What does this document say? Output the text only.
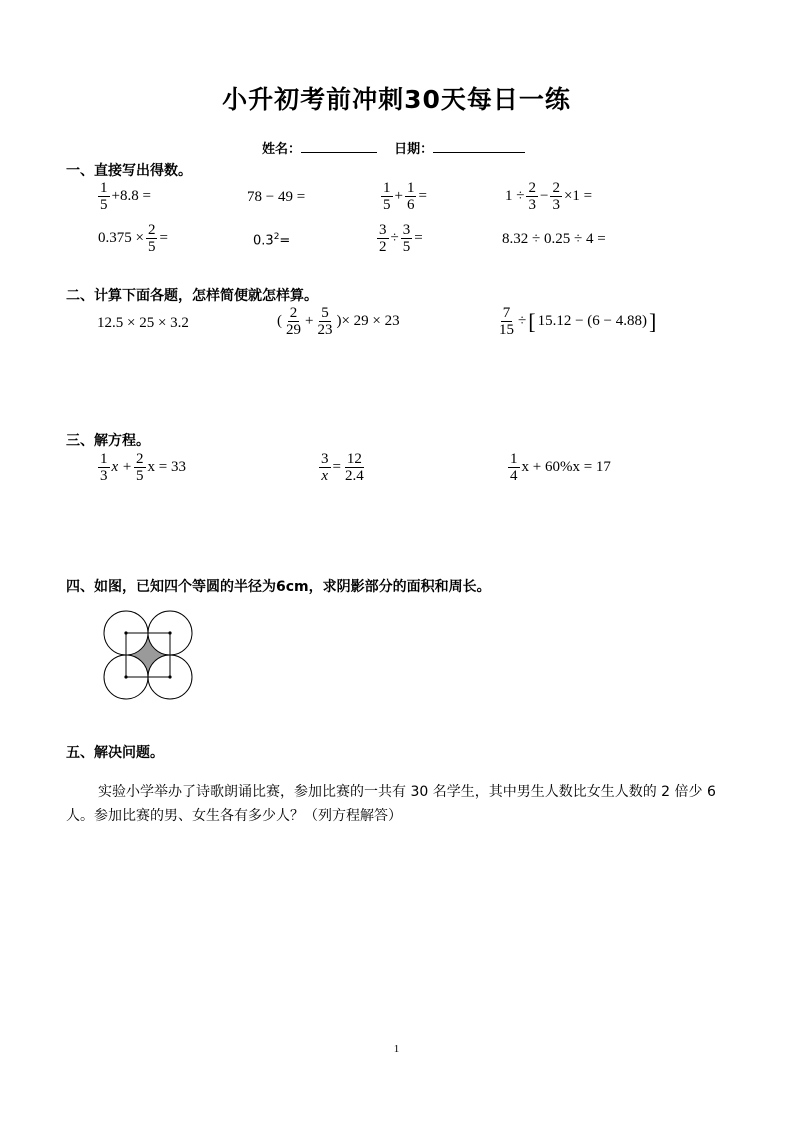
小升初考前冲刺30天每日一练
姓名：	日期：
一、直接写出得数。
$\frac{1}{5} +8.8$ =	78 − 49 =	$\frac{1}{5} + \frac{1}{6}$ =	$1 \div \frac{2}{3} - \frac{2}{3} \times 1$ =
$0.375 \times \frac{2}{5}$ =	$0.3^2=$	$\frac{3}{2} \div \frac{3}{5}$ =	8.32 ÷ 0.25 ÷ 4 =
二、计算下面各题，怎样简便就怎样算。
12.5 × 25 × 3.2	( $\frac{2}{29} + \frac{5}{23}$ )× 29 × 23	$\frac{7}{15}$ ÷[ 15.12 − (6 − 4.88)]
三、解方程。
$\frac{1}{3}$ $x + \frac{2}{5}$ x = 33	$\frac{3}{x} = \frac{12}{2.4}$	$\frac{1}{4}$ x + 60%x = 17
四、如图，已知四个等圆的半径为6cm，求阴影部分的面积和周长。
五、解决问题。
实验小学举办了诗歌朗诵比赛，参加比赛的一共有 30 名学生，其中男生人数比女生人数的 2 倍少 6 人。参加比赛的男、女生各有多少人？（列方程解答）
1
